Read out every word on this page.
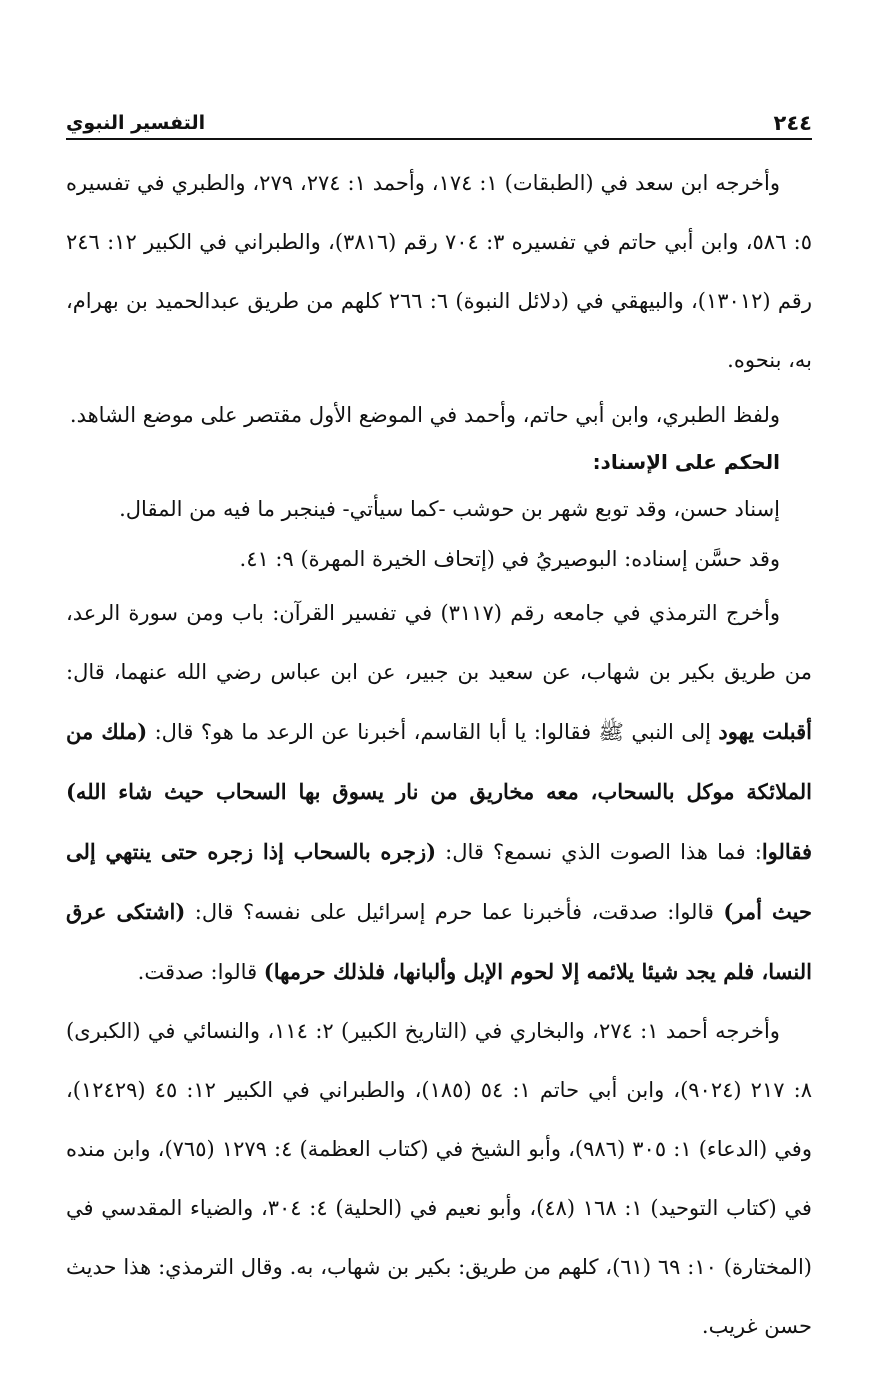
٢٤٤
التفسير النبوي

وأخرجه ابن سعد في (الطبقات) ١: ١٧٤، وأحمد ١: ٢٧٤، ٢٧٩، والطبري في تفسيره ٥: ٥٨٦، وابن أبي حاتم في تفسيره ٣: ٧٠٤ رقم (٣٨١٦)، والطبراني في الكبير ١٢: ٢٤٦ رقم (١٣٠١٢)، والبيهقي في (دلائل النبوة) ٦: ٢٦٦ كلهم من طريق عبدالحميد بن بهرام، به، بنحوه.

ولفظ الطبري، وابن أبي حاتم، وأحمد في الموضع الأول مقتصر على موضع الشاهد.

الحكم على الإسناد:

إسناد حسن، وقد توبع شهر بن حوشب -كما سيأتي- فينجبر ما فيه من المقال.

وقد حسَّن إسناده: البوصيريُ في (إتحاف الخيرة المهرة) ٩: ٤١.

وأخرج الترمذي في جامعه رقم (٣١١٧) في تفسير القرآن: باب ومن سورة الرعد، من طريق بكير بن شهاب، عن سعيد بن جبير، عن ابن عباس رضي الله عنهما، قال: أقبلت يهود إلى النبي ﷺ فقالوا: يا أبا القاسم، أخبرنا عن الرعد ما هو؟ قال: (ملك من الملائكة موكل بالسحاب، معه مخاريق من نار يسوق بها السحاب حيث شاء الله) فقالوا: فما هذا الصوت الذي نسمع؟ قال: (زجره بالسحاب إذا زجره حتى ينتهي إلى حيث أمر) قالوا: صدقت، فأخبرنا عما حرم إسرائيل على نفسه؟ قال: (اشتكى عرق النسا، فلم يجد شيئا يلائمه إلا لحوم الإبل وألبانها، فلذلك حرمها) قالوا: صدقت.

وأخرجه أحمد ١: ٢٧٤، والبخاري في (التاريخ الكبير) ٢: ١١٤، والنسائي في (الكبرى) ٨: ٢١٧ (٩٠٢٤)، وابن أبي حاتم ١: ٥٤ (١٨٥)، والطبراني في الكبير ١٢: ٤٥ (١٢٤٢٩)، وفي (الدعاء) ١: ٣٠٥ (٩٨٦)، وأبو الشيخ في (كتاب العظمة) ٤: ١٢٧٩ (٧٦٥)، وابن منده في (كتاب التوحيد) ١: ١٦٨ (٤٨)، وأبو نعيم في (الحلية) ٤: ٣٠٤، والضياء المقدسي في (المختارة) ١٠: ٦٩ (٦١)، كلهم من طريق: بكير بن شهاب، به. وقال الترمذي: هذا حديث حسن غريب.
